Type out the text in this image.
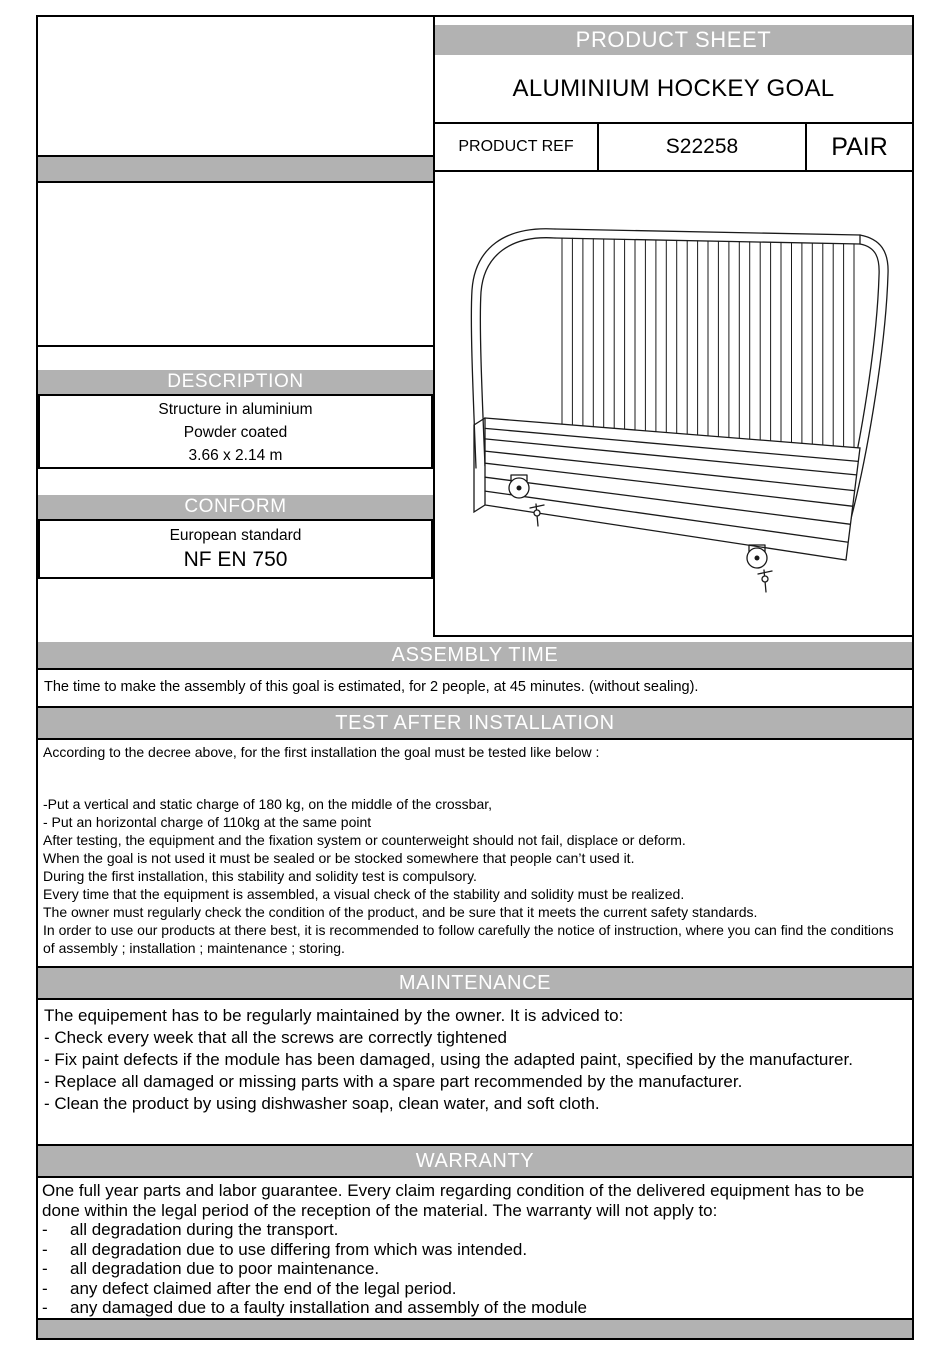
PRODUCT SHEET
ALUMINIUM HOCKEY GOAL
PRODUCT REF	S22258	PAIR
DESCRIPTION
Structure in aluminium
Powder coated
3.66 x 2.14 m
CONFORM
European standard
NF EN 750
ASSEMBLY TIME
The time to make the assembly of this goal is estimated, for 2 people, at 45 minutes. (without sealing).
TEST AFTER INSTALLATION
According to the decree above, for the first installation the goal must be tested like below :
-Put a vertical and static charge of 180 kg, on the middle of the crossbar,
- Put an horizontal charge of 110kg at the same point
After testing, the equipment and the fixation system or counterweight should not fail, displace or deform.
When the goal is not used it must be sealed or be stocked somewhere that people can’t used it.
During the first installation, this stability and solidity test is compulsory.
Every time that the equipment is assembled, a visual check of the stability and solidity must be realized.
The owner must regularly check the condition of the product, and be sure that it meets the current safety standards.
In order to use our products at there best, it is recommended to follow carefully the notice of instruction, where you can find the conditions of assembly ; installation ; maintenance ; storing.
MAINTENANCE
The equipement has to be regularly maintained by the owner. It is adviced to:
- Check every week that all the screws are correctly tightened
- Fix paint defects if the module has been damaged, using the adapted paint, specified by the manufacturer.
- Replace all damaged or missing parts with a spare part recommended by the manufacturer.
- Clean the product by using dishwasher soap, clean water, and soft cloth.
WARRANTY
One full year parts and labor guarantee. Every claim regarding condition of the delivered equipment has to be done within the legal period of the reception of the material. The warranty will not apply to:
-	all degradation during the transport.
-	all degradation due to use differing from which was intended.
-	all degradation due to poor maintenance.
-	any defect claimed after the end of the legal period.
-	any damaged due to a faulty installation and assembly of the module
